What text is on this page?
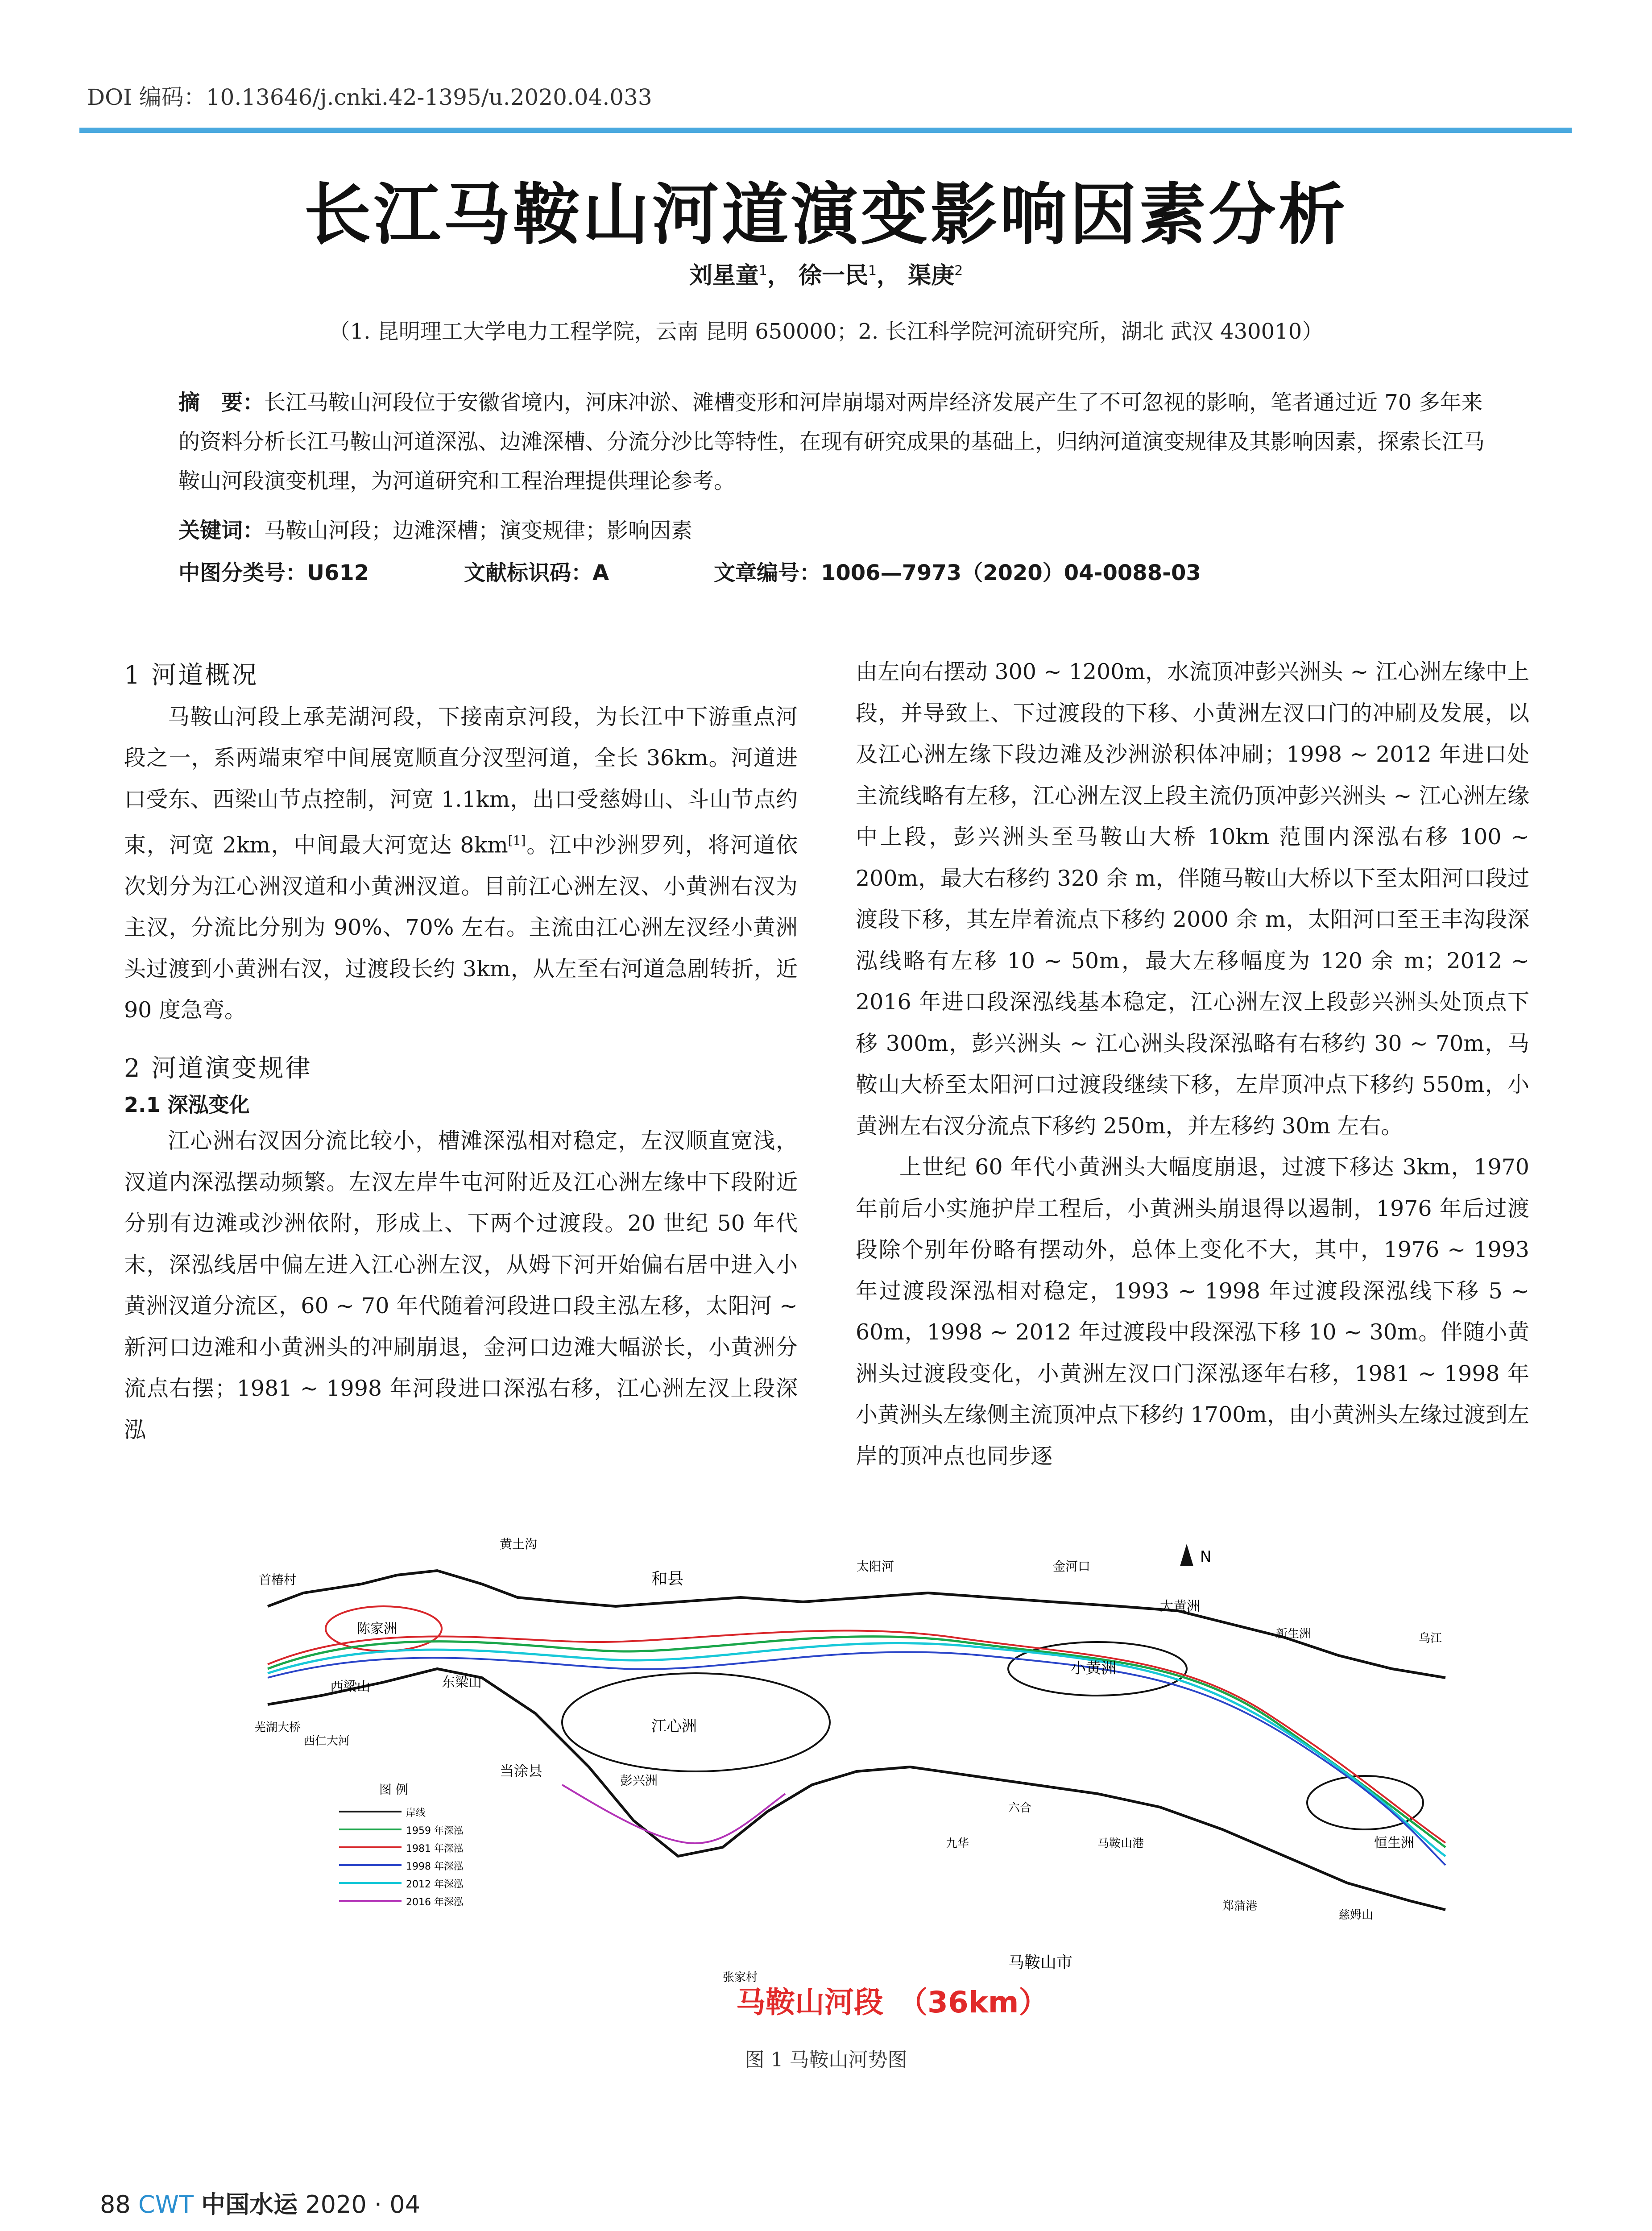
DOI 编码：10.13646/j.cnki.42-1395/u.2020.04.033
长江马鞍山河道演变影响因素分析
刘星童$^1$， 徐一民$^1$， 渠庚$^2$
（1. 昆明理工大学电力工程学院，云南 昆明 650000；2. 长江科学院河流研究所，湖北 武汉 430010）
摘　要：长江马鞍山河段位于安徽省境内，河床冲淤、滩槽变形和河岸崩塌对两岸经济发展产生了不可忽视的影响，笔者通过近 70 多年来的资料分析长江马鞍山河道深泓、边滩深槽、分流分沙比等特性，在现有研究成果的基础上，归纳河道演变规律及其影响因素，探索长江马鞍山河段演变机理，为河道研究和工程治理提供理论参考。
关键词：马鞍山河段；边滩深槽；演变规律；影响因素
中图分类号：U612	文献标识码：A	文章编号：1006—7973（2020）04-0088-03
1 河道概况

马鞍山河段上承芜湖河段，下接南京河段，为长江中下游重点河段之一，系两端束窄中间展宽顺直分汊型河道，全长 36km。河道进口受东、西梁山节点控制，河宽 1.1km，出口受慈姆山、斗山节点约束，河宽 2km，中间最大河宽达 8km[1]。江中沙洲罗列，将河道依次划分为江心洲汊道和小黄洲汊道。目前江心洲左汊、小黄洲右汊为主汊，分流比分别为 90%、70% 左右。主流由江心洲左汊经小黄洲头过渡到小黄洲右汊，过渡段长约 3km，从左至右河道急剧转折，近 90 度急弯。

2 河道演变规律
2.1 深泓变化

江心洲右汊因分流比较小，槽滩深泓相对稳定，左汊顺直宽浅，汊道内深泓摆动频繁。左汊左岸牛屯河附近及江心洲左缘中下段附近分别有边滩或沙洲依附，形成上、下两个过渡段。20 世纪 50 年代末，深泓线居中偏左进入江心洲左汊，从姆下河开始偏右居中进入小黄洲汊道分流区，60 ~ 70 年代随着河段进口段主泓左移，太阳河 ~ 新河口边滩和小黄洲头的冲刷崩退，金河口边滩大幅淤长，小黄洲分流点右摆；1981 ~ 1998 年河段进口深泓右移，江心洲左汊上段深泓

由左向右摆动 300 ~ 1200m，水流顶冲彭兴洲头 ~ 江心洲左缘中上段，并导致上、下过渡段的下移、小黄洲左汊口门的冲刷及发展，以及江心洲左缘下段边滩及沙洲淤积体冲刷；1998 ~ 2012 年进口处主流线略有左移，江心洲左汊上段主流仍顶冲彭兴洲头 ~ 江心洲左缘中上段，彭兴洲头至马鞍山大桥 10km 范围内深泓右移 100 ~ 200m，最大右移约 320 余 m，伴随马鞍山大桥以下至太阳河口段过渡段下移，其左岸着流点下移约 2000 余 m，太阳河口至王丰沟段深泓线略有左移 10 ~ 50m，最大左移幅度为 120 余 m；2012 ~ 2016 年进口段深泓线基本稳定，江心洲左汊上段彭兴洲头处顶点下移 300m，彭兴洲头 ~ 江心洲头段深泓略有右移约 30 ~ 70m，马鞍山大桥至太阳河口过渡段继续下移，左岸顶冲点下移约 550m，小黄洲左右汊分流点下移约 250m，并左移约 30m 左右。

上世纪 60 年代小黄洲头大幅度崩退，过渡下移达 3km，1970 年前后小实施护岸工程后，小黄洲头崩退得以遏制，1976 年后过渡段除个别年份略有摆动外，总体上变化不大，其中，1976 ~ 1993 年过渡段深泓相对稳定，1993 ~ 1998 年过渡段深泓线下移 5 ~ 60m，1998 ~ 2012 年过渡段中段深泓下移 10 ~ 30m。伴随小黄洲头过渡段变化，小黄洲左汊口门深泓逐年右移，1981 ~ 1998 年小黄洲头左缘侧主流顶冲点下移约 1700m，由小黄洲头左缘过渡到左岸的顶冲点也同步逐

芜湖大桥
西梁山	东梁山
陈家洲
黄土沟
首椿村	和县
当涂县
江心洲
彭兴洲
太阳河	金河口
小黄洲
大黄洲
马鞍山市
恒生洲
九华	马鞍山港
郑蒲港
乌江
张家村
西仁大河
新生洲
六合
慈姆山
N
图 例
岸线
1959 年深泓
1981 年深泓
1998 年深泓
2012 年深泓
2016 年深泓
马鞍山河段　（36km）
图 1 马鞍山河势图
88 CWT 中国水运 2020 · 04
